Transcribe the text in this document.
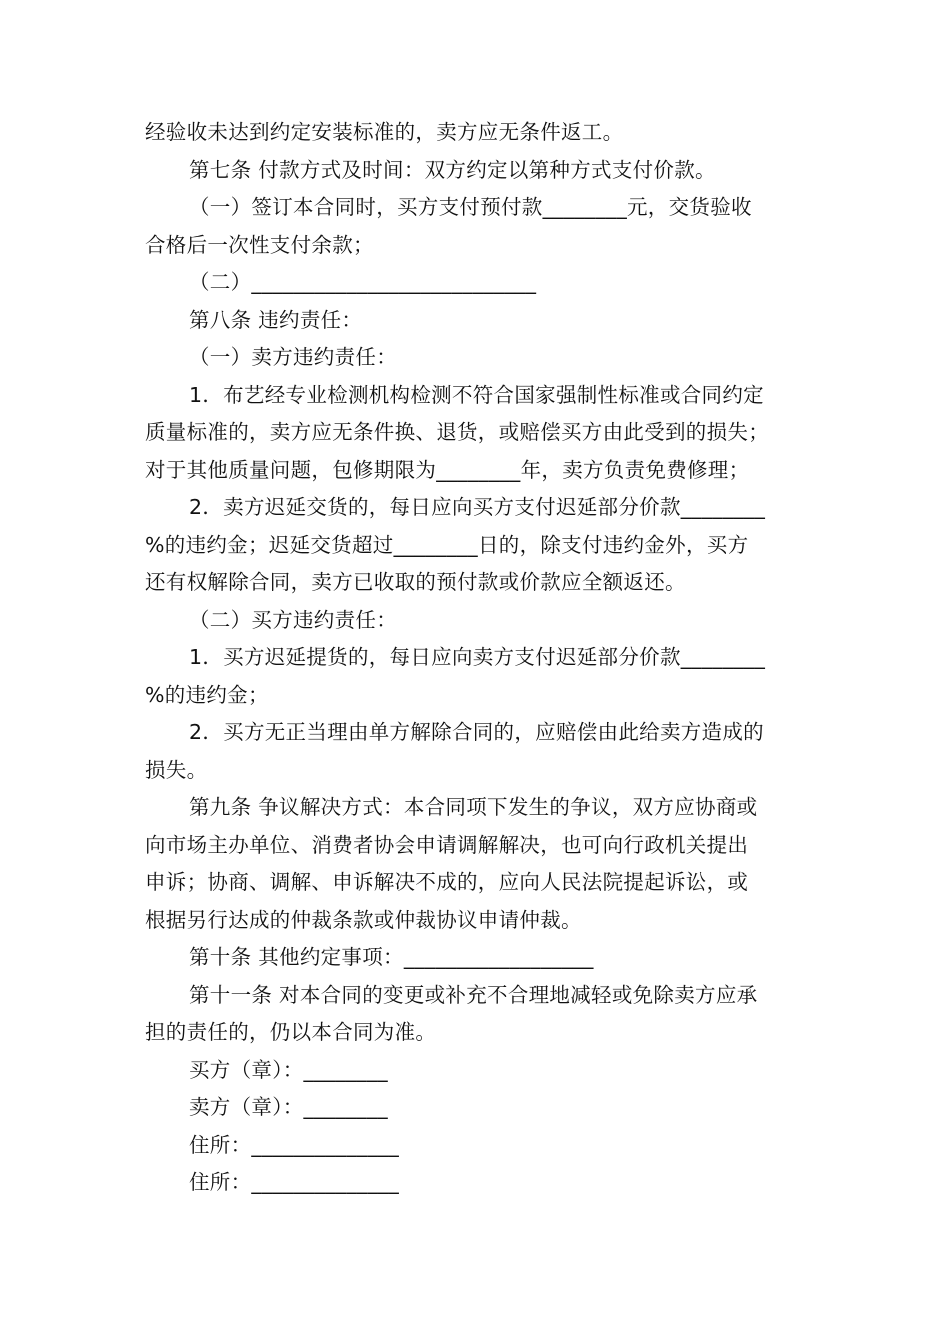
经验收未达到约定安装标准的，卖方应无条件返工。
第七条 付款方式及时间：双方约定以第种方式支付价款。
（一）签订本合同时，买方支付预付款________元，交货验收
合格后一次性支付余款；
（二）___________________________
第八条 违约责任：
（一）卖方违约责任：
1．布艺经专业检测机构检测不符合国家强制性标准或合同约定
质量标准的，卖方应无条件换、退货，或赔偿买方由此受到的损失；
对于其他质量问题，包修期限为________年，卖方负责免费修理；
2．卖方迟延交货的，每日应向买方支付迟延部分价款________
%的违约金；迟延交货超过________日的，除支付违约金外，买方
还有权解除合同，卖方已收取的预付款或价款应全额返还。
（二）买方违约责任：
1．买方迟延提货的，每日应向卖方支付迟延部分价款________
%的违约金；
2．买方无正当理由单方解除合同的，应赔偿由此给卖方造成的
损失。
第九条 争议解决方式：本合同项下发生的争议，双方应协商或
向市场主办单位、消费者协会申请调解解决，也可向行政机关提出
申诉；协商、调解、申诉解决不成的，应向人民法院提起诉讼，或
根据另行达成的仲裁条款或仲裁协议申请仲裁。
第十条 其他约定事项：__________________
第十一条 对本合同的变更或补充不合理地减轻或免除卖方应承
担的责任的，仍以本合同为准。
买方（章）：________
卖方（章）：________
住所：______________
住所：______________
